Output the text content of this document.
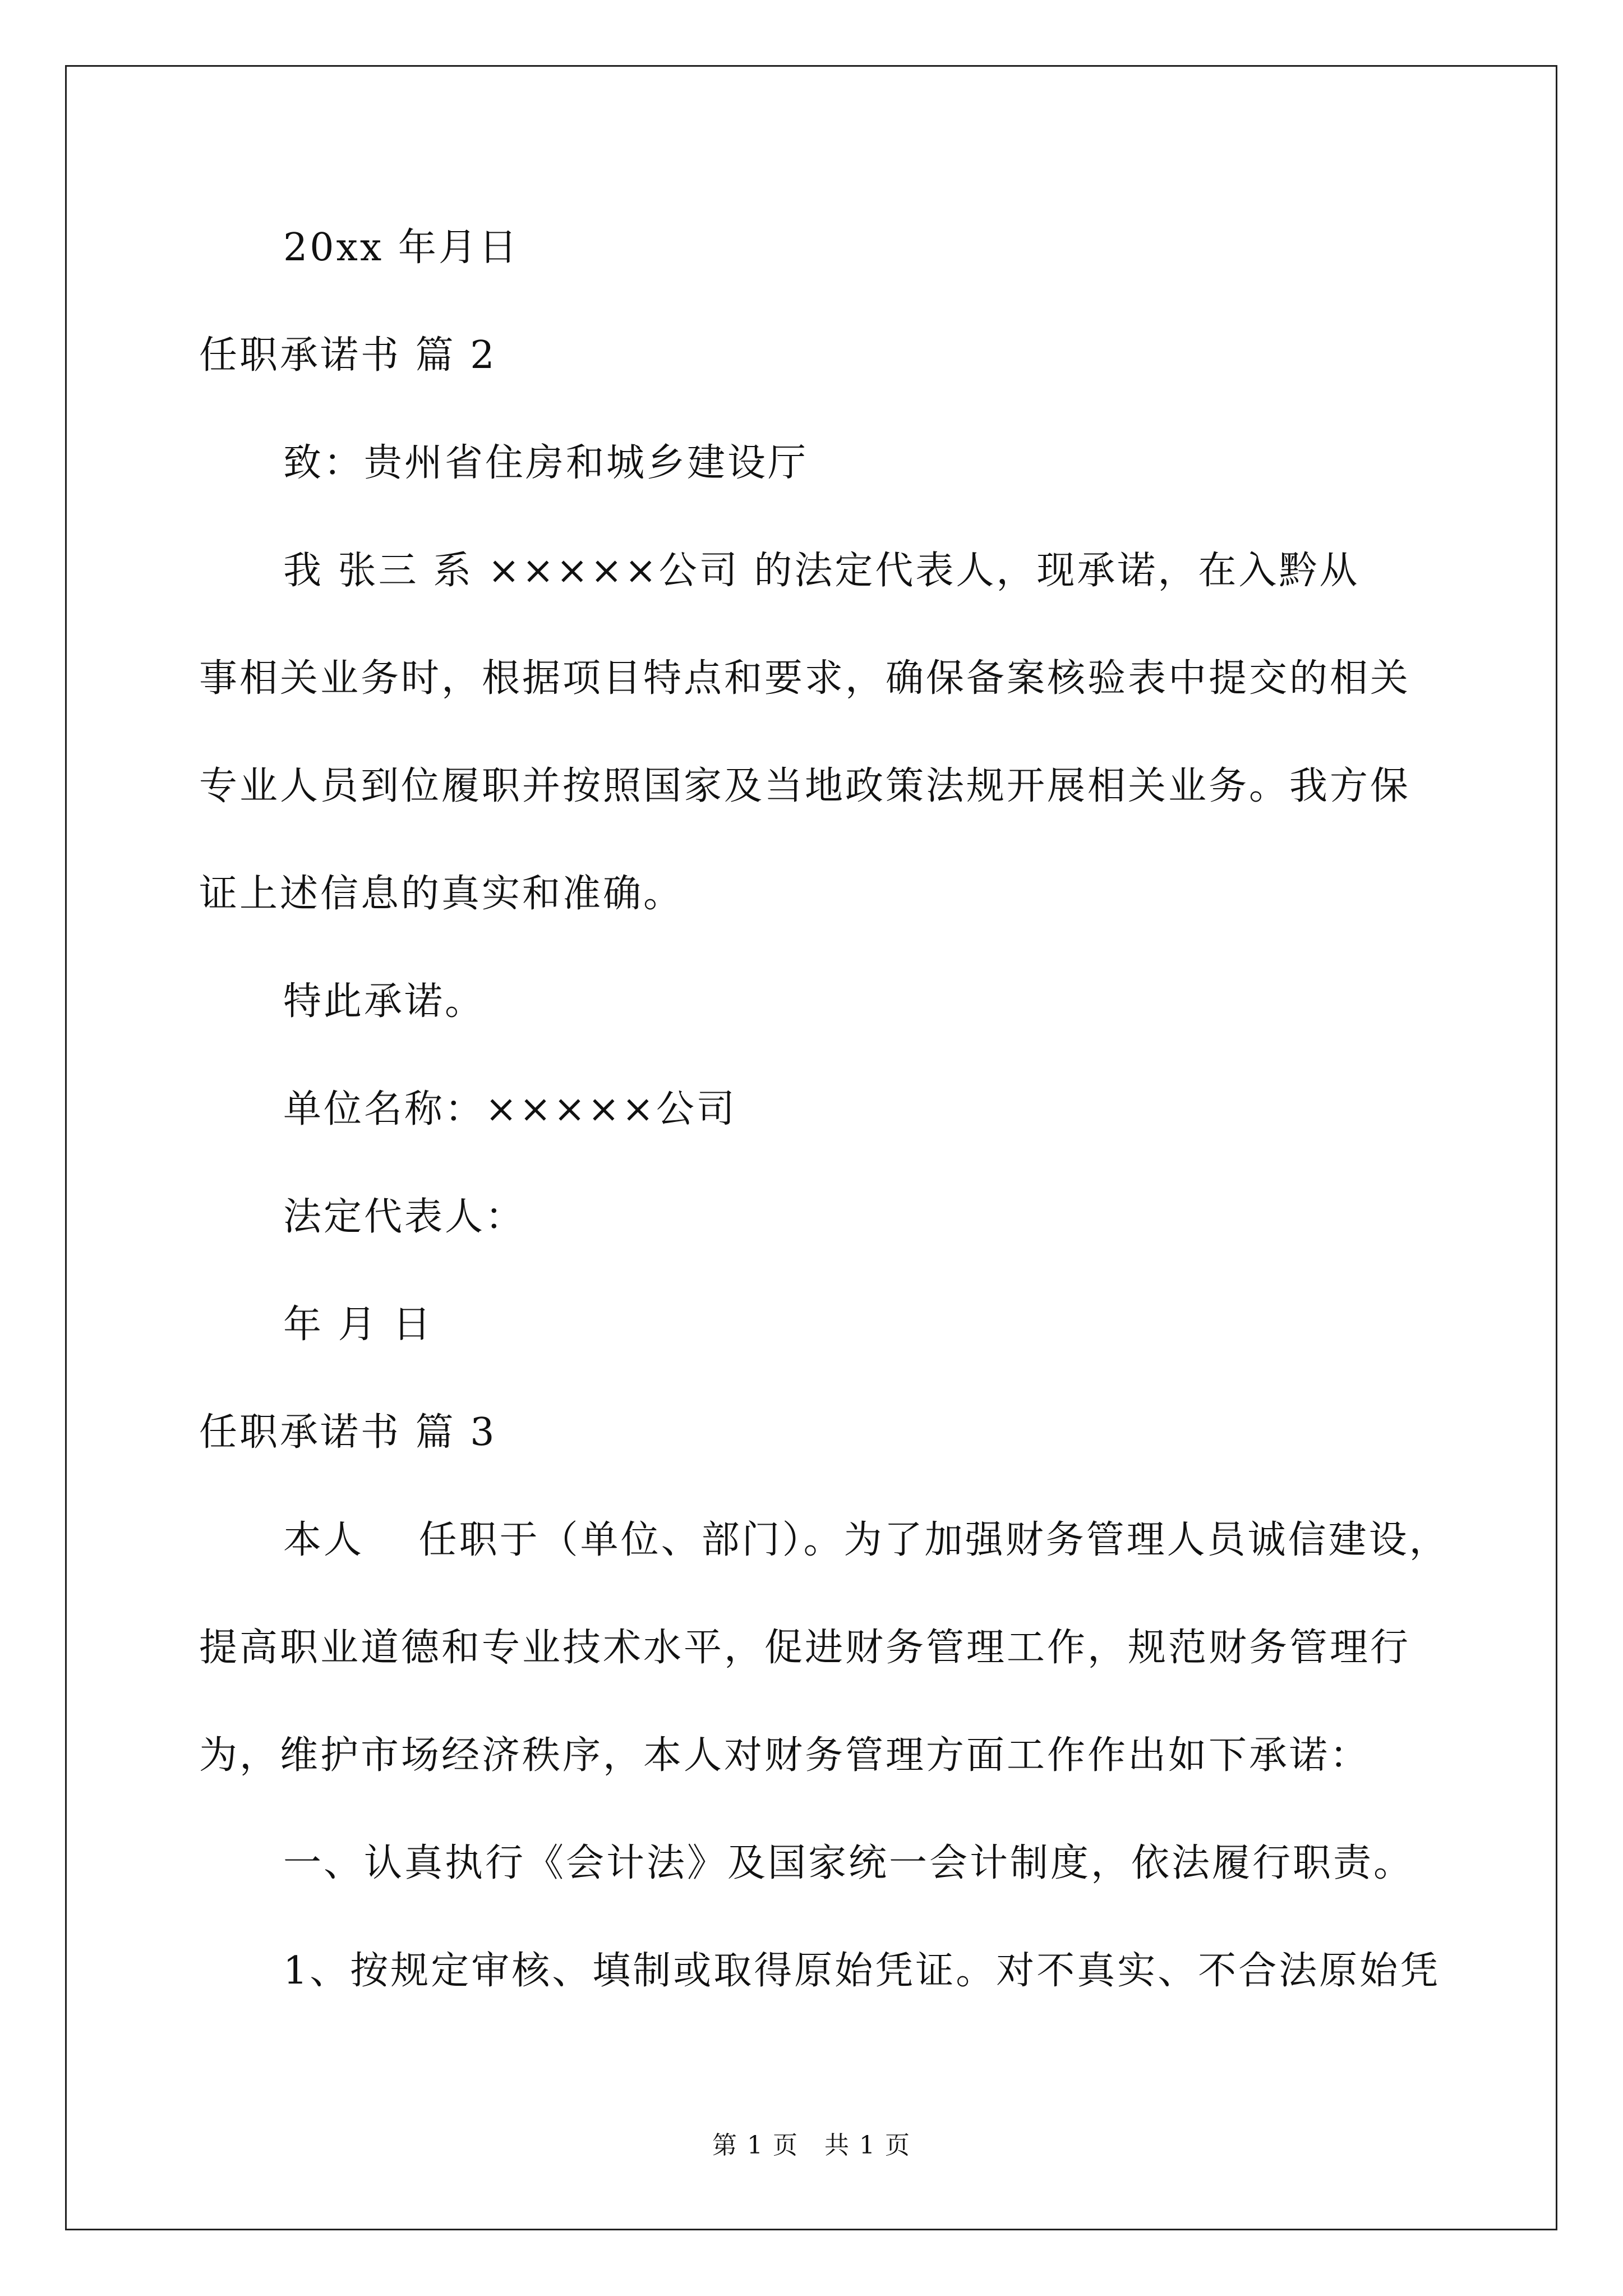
20xx 年月日
任职承诺书 篇 2
致：贵州省住房和城乡建设厅
我 张三 系 ×××××公司 的法定代表人，现承诺，在入黔从
事相关业务时，根据项目特点和要求，确保备案核验表中提交的相关
专业人员到位履职并按照国家及当地政策法规开展相关业务。我方保
证上述信息的真实和准确。
特此承诺。
单位名称：×××××公司
法定代表人：
年 月 日
任职承诺书 篇 3
本人 　任职于（单位、部门）。为了加强财务管理人员诚信建设，
提高职业道德和专业技术水平，促进财务管理工作，规范财务管理行
为，维护市场经济秩序，本人对财务管理方面工作作出如下承诺：
一、认真执行《会计法》及国家统一会计制度，依法履行职责。
1、按规定审核、填制或取得原始凭证。对不真实、不合法原始凭
第 1 页　共 1 页
